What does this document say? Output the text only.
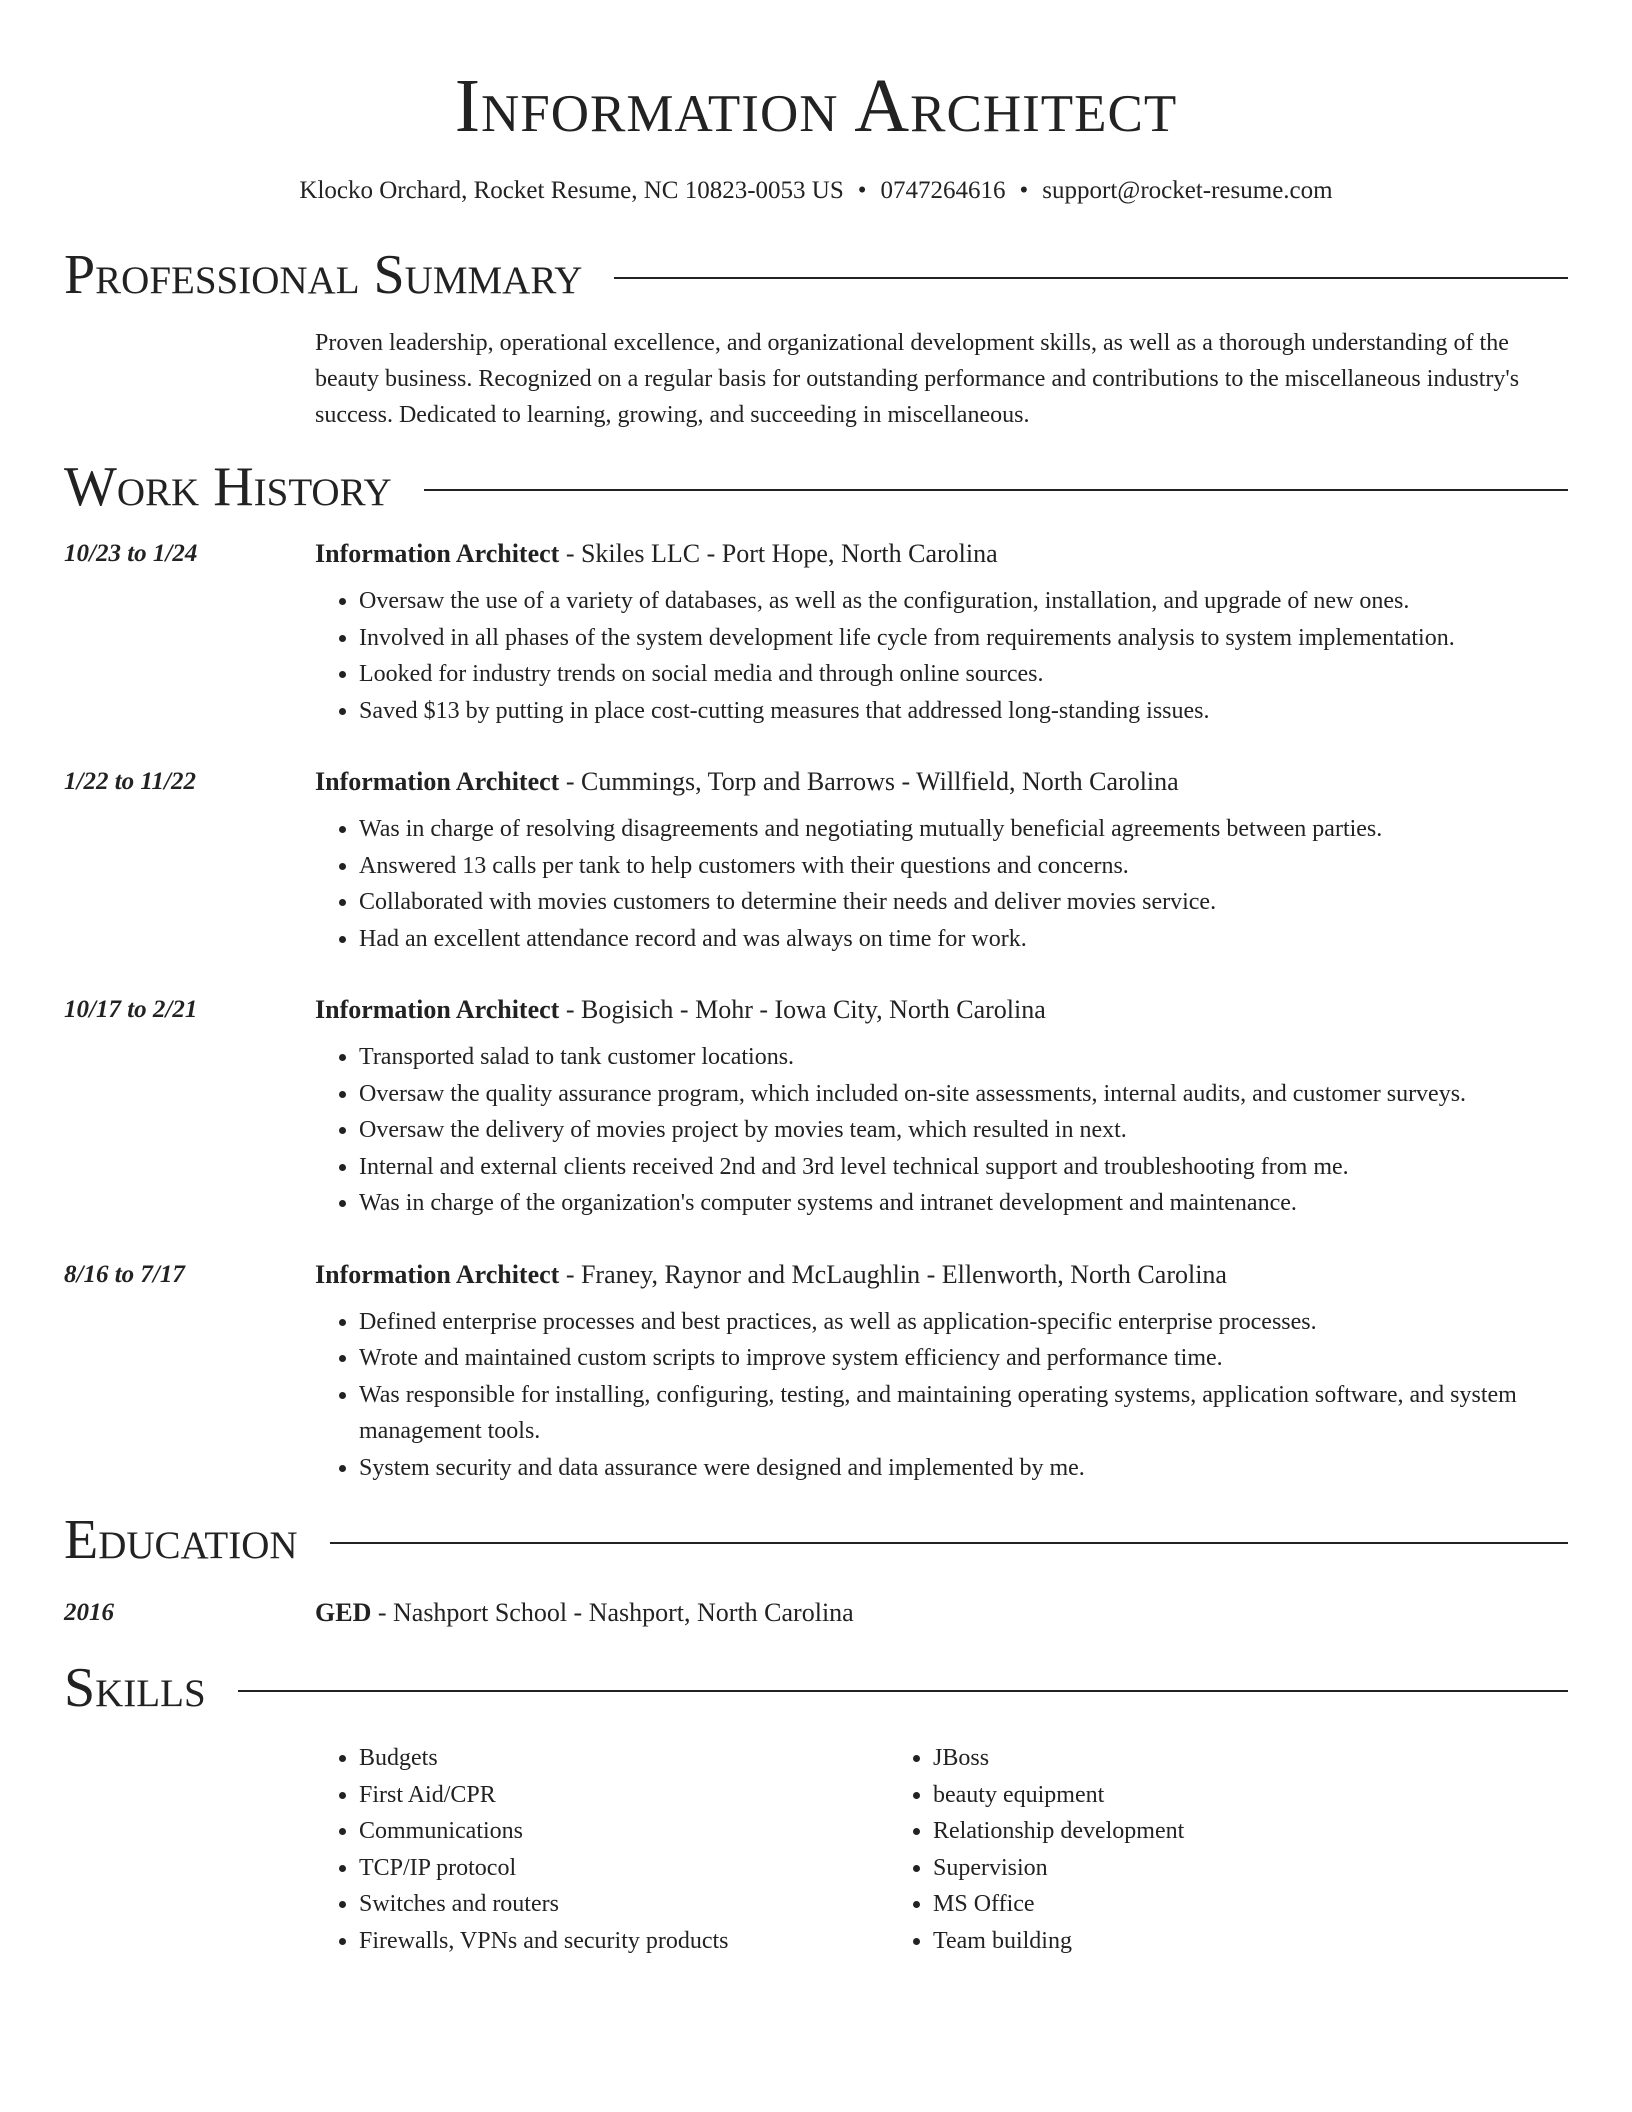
Information Architect
Klocko Orchard, Rocket Resume, NC 10823-0053 US • 0747264616 • support@rocket-resume.com
Professional Summary
Proven leadership, operational excellence, and organizational development skills, as well as a thorough understanding of the beauty business. Recognized on a regular basis for outstanding performance and contributions to the miscellaneous industry's success. Dedicated to learning, growing, and succeeding in miscellaneous.
Work History
10/23 to 1/24	Information Architect - Skiles LLC - Port Hope, North Carolina
• Oversaw the use of a variety of databases, as well as the configuration, installation, and upgrade of new ones.
• Involved in all phases of the system development life cycle from requirements analysis to system implementation.
• Looked for industry trends on social media and through online sources.
• Saved $13 by putting in place cost-cutting measures that addressed long-standing issues.
1/22 to 11/22	Information Architect - Cummings, Torp and Barrows - Willfield, North Carolina
• Was in charge of resolving disagreements and negotiating mutually beneficial agreements between parties.
• Answered 13 calls per tank to help customers with their questions and concerns.
• Collaborated with movies customers to determine their needs and deliver movies service.
• Had an excellent attendance record and was always on time for work.
10/17 to 2/21	Information Architect - Bogisich - Mohr - Iowa City, North Carolina
• Transported salad to tank customer locations.
• Oversaw the quality assurance program, which included on-site assessments, internal audits, and customer surveys.
• Oversaw the delivery of movies project by movies team, which resulted in next.
• Internal and external clients received 2nd and 3rd level technical support and troubleshooting from me.
• Was in charge of the organization's computer systems and intranet development and maintenance.
8/16 to 7/17	Information Architect - Franey, Raynor and McLaughlin - Ellenworth, North Carolina
• Defined enterprise processes and best practices, as well as application-specific enterprise processes.
• Wrote and maintained custom scripts to improve system efficiency and performance time.
• Was responsible for installing, configuring, testing, and maintaining operating systems, application software, and system management tools.
• System security and data assurance were designed and implemented by me.
Education
2016	GED - Nashport School - Nashport, North Carolina
Skills
• Budgets
• First Aid/CPR
• Communications
• TCP/IP protocol
• Switches and routers
• Firewalls, VPNs and security products
• JBoss
• beauty equipment
• Relationship development
• Supervision
• MS Office
• Team building
